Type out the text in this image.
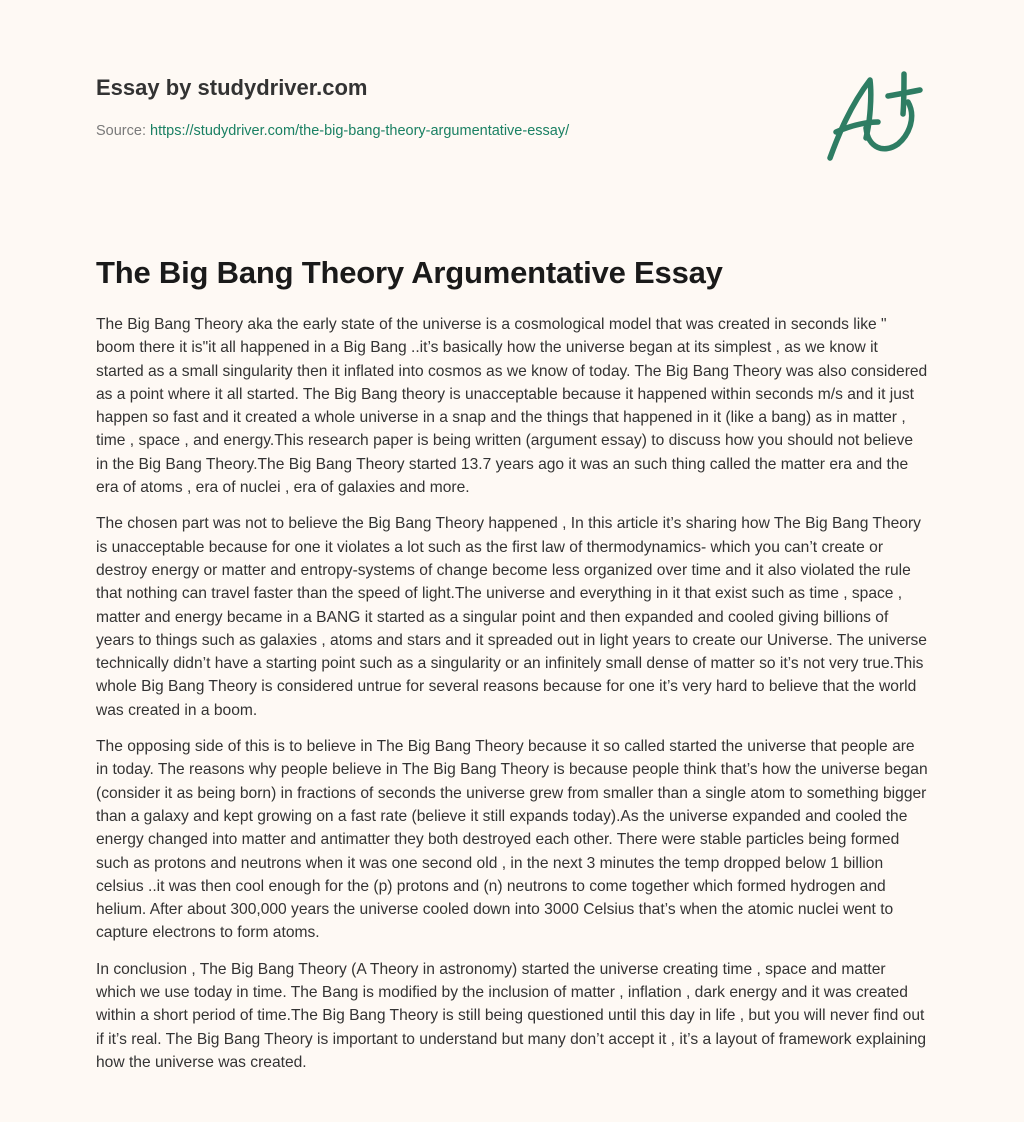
Essay by studydriver.com
Source: https://studydriver.com/the-big-bang-theory-argumentative-essay/
The Big Bang Theory Argumentative Essay

The Big Bang Theory aka the early state of the universe is a cosmological model that was created in seconds like " boom there it is"it all happened in a Big Bang ..it’s basically how the universe began at its simplest , as we know it started as a small singularity then it inflated into cosmos as we know of today. The Big Bang Theory was also considered as a point where it all started. The Big Bang theory is unacceptable because it happened within seconds m/s and it just happen so fast and it created a whole universe in a snap and the things that happened in it (like a bang) as in matter , time , space , and energy.This research paper is being written (argument essay) to discuss how you should not believe in the Big Bang Theory.The Big Bang Theory started 13.7 years ago it was an such thing called the matter era and the era of atoms , era of nuclei , era of galaxies and more.

The chosen part was not to believe the Big Bang Theory happened , In this article it’s sharing how The Big Bang Theory is unacceptable because for one it violates a lot such as the first law of thermodynamics- which you can’t create or destroy energy or matter and entropy-systems of change become less organized over time and it also violated the rule that nothing can travel faster than the speed of light.The universe and everything in it that exist such as time , space , matter and energy became in a BANG it started as a singular point and then expanded and cooled giving billions of years to things such as galaxies , atoms and stars and it spreaded out in light years to create our Universe. The universe technically didn’t have a starting point such as a singularity or an infinitely small dense of matter so it’s not very true.This whole Big Bang Theory is considered untrue for several reasons because for one it’s very hard to believe that the world was created in a boom.

The opposing side of this is to believe in The Big Bang Theory because it so called started the universe that people are in today. The reasons why people believe in The Big Bang Theory is because people think that’s how the universe began (consider it as being born) in fractions of seconds the universe grew from smaller than a single atom to something bigger than a galaxy and kept growing on a fast rate (believe it still expands today).As the universe expanded and cooled the energy changed into matter and antimatter they both destroyed each other. There were stable particles being formed such as protons and neutrons when it was one second old , in the next 3 minutes the temp dropped below 1 billion celsius ..it was then cool enough for the (p) protons and (n) neutrons to come together which formed hydrogen and helium. After about 300,000 years the universe cooled down into 3000 Celsius that’s when the atomic nuclei went to capture electrons to form atoms.

In conclusion , The Big Bang Theory (A Theory in astronomy) started the universe creating time , space and matter which we use today in time. The Bang is modified by the inclusion of matter , inflation , dark energy and it was created within a short period of time.The Big Bang Theory is still being questioned until this day in life , but you will never find out if it’s real. The Big Bang Theory is important to understand but many don’t accept it , it’s a layout of framework explaining how the universe was created.
